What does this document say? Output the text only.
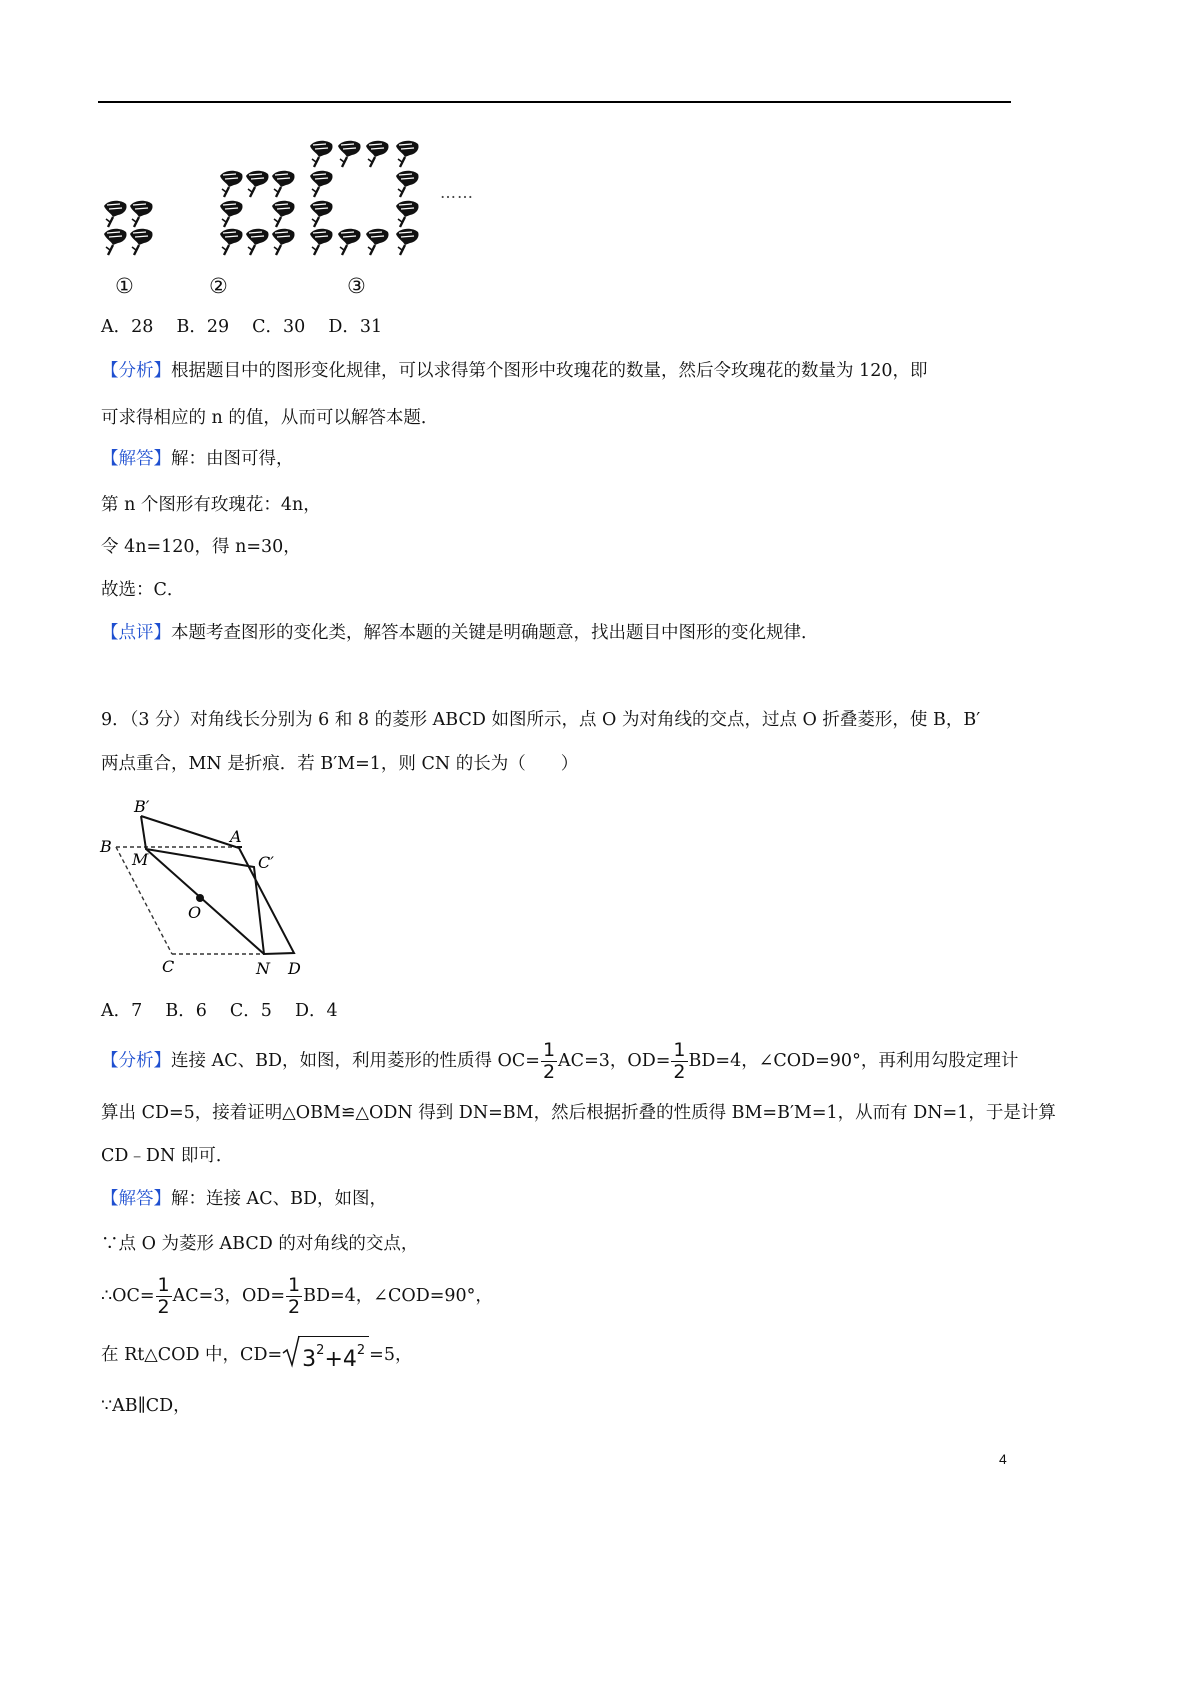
……
①	②	③
A．28　 B．29　 C．30　 D．31
【分析】根据题目中的图形变化规律，可以求得第个图形中玫瑰花的数量，然后令玫瑰花的数量为 120，即
可求得相应的 n 的值，从而可以解答本题．
【解答】解：由图可得，
第 n 个图形有玫瑰花：4n，
令 4n=120，得 n=30，
故选：C．
【点评】本题考查图形的变化类，解答本题的关键是明确题意，找出题目中图形的变化规律．
9．（3 分）对角线长分别为 6 和 8 的菱形 ABCD 如图所示，点 O 为对角线的交点，过点 O 折叠菱形，使 B，B′
两点重合，MN 是折痕．若 B′M=1，则 CN 的长为（　　）
B′
B
A
M	C′
O
C	N D
A．7　 B．6　 C．5　 D．4
【分析】连接 AC、BD，如图，利用菱形的性质得 $OC= \frac{1}{2} AC=3$，$OD= \frac{1}{2} BD=4$，∠COD=90°，再利用勾股定理计
算出 CD=5，接着证明△OBM≌△ODN 得到 DN=BM，然后根据折叠的性质得 BM=B′M=1，从而有 DN=1，于是计算
CD﹣DN 即可．
【解答】解：连接 AC、BD，如图，
∵点 O 为菱形 ABCD 的对角线的交点，
∴OC= $\frac{1}{2} AC=3$，$OD= \frac{1}{2} BD=4$，∠COD=90°，
在 Rt△COD 中，$CD= 3^2+4^2 =5$，
∵AB∥CD，
4
